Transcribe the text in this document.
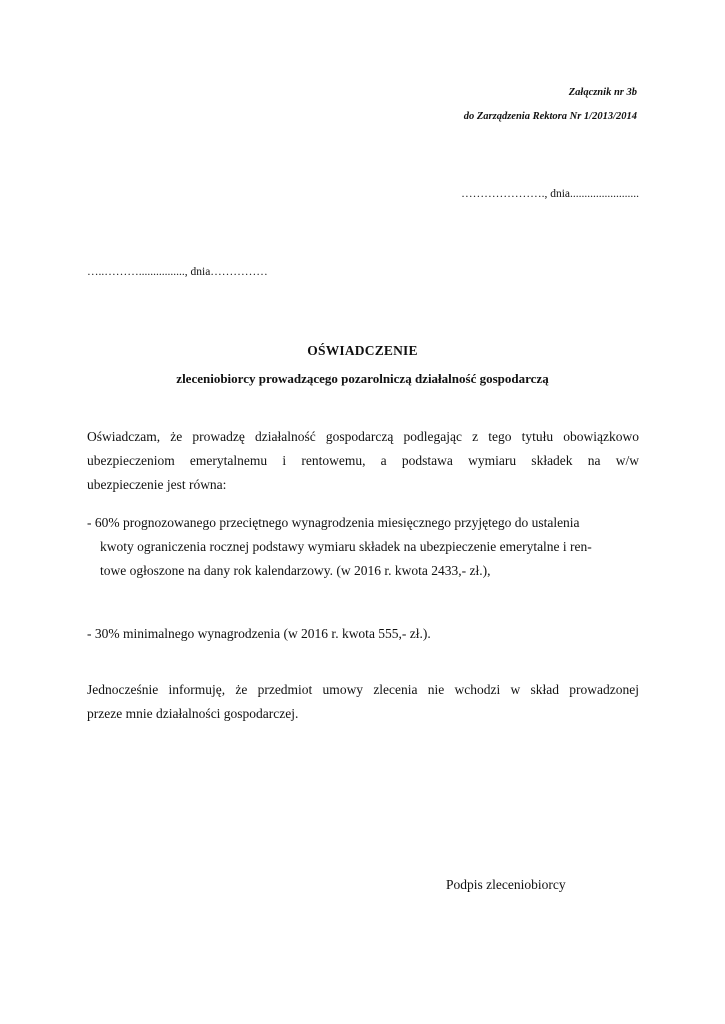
Załącznik nr 3b
do Zarządzenia Rektora Nr 1/2013/2014
…………………., dnia........................
…..………................, dnia……………
OŚWIADCZENIE
zleceniobiorcy prowadzącego pozarolniczą działalność gospodarczą
Oświadczam, że prowadzę działalność gospodarczą podlegając z tego tytułu obowiązkowo
ubezpieczeniom emerytalnemu i rentowemu, a podstawa wymiaru składek na w/w
ubezpieczenie jest równa:
- 60% prognozowanego przeciętnego wynagrodzenia miesięcznego przyjętego do ustalenia
kwoty ograniczenia rocznej podstawy wymiaru składek na ubezpieczenie emerytalne i ren-
towe ogłoszone na dany rok kalendarzowy. (w 2016 r. kwota 2433,- zł.),
- 30% minimalnego wynagrodzenia (w 2016 r. kwota 555,- zł.).
Jednocześnie informuję, że przedmiot umowy zlecenia nie wchodzi w skład prowadzonej
przeze mnie działalności gospodarczej.
Podpis zleceniobiorcy
